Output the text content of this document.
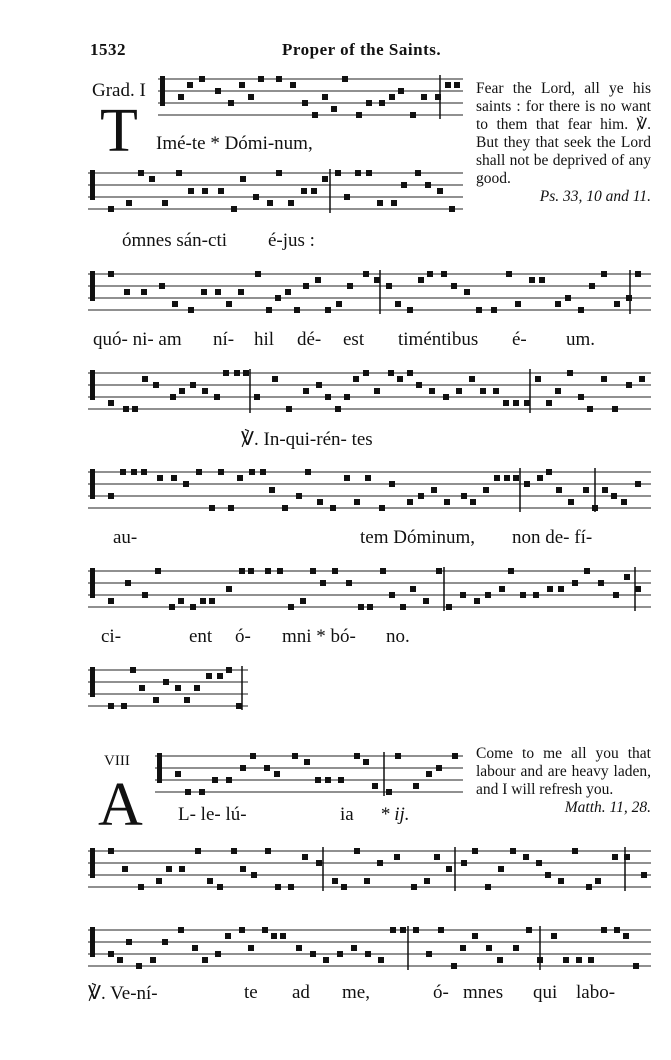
1532	Proper of the Saints.
Grad. I
T Imé-te * Dómi-num,
ómnes sán-cti é-jus :
quó- ni- am ní- hil dé- est timéntibus é- um.
℣. In-qui-rén- tes
au-	tem Dóminum, non de- fí-
ci-	ent ó- mni * bó- no.
Fear the Lord, all ye his saints : for there is no want to them that fear him. ℣. But they that seek the Lord shall not be deprived of any good.
Ps. 33, 10 and 11.
VIII
A L- le- lú-	ia * ij.
Come to me all you that labour and are heavy laden, and I will refresh you.
Matth. 11, 28.
℣. Ve-ní-	te ad me,	ó- mnes qui labo-
